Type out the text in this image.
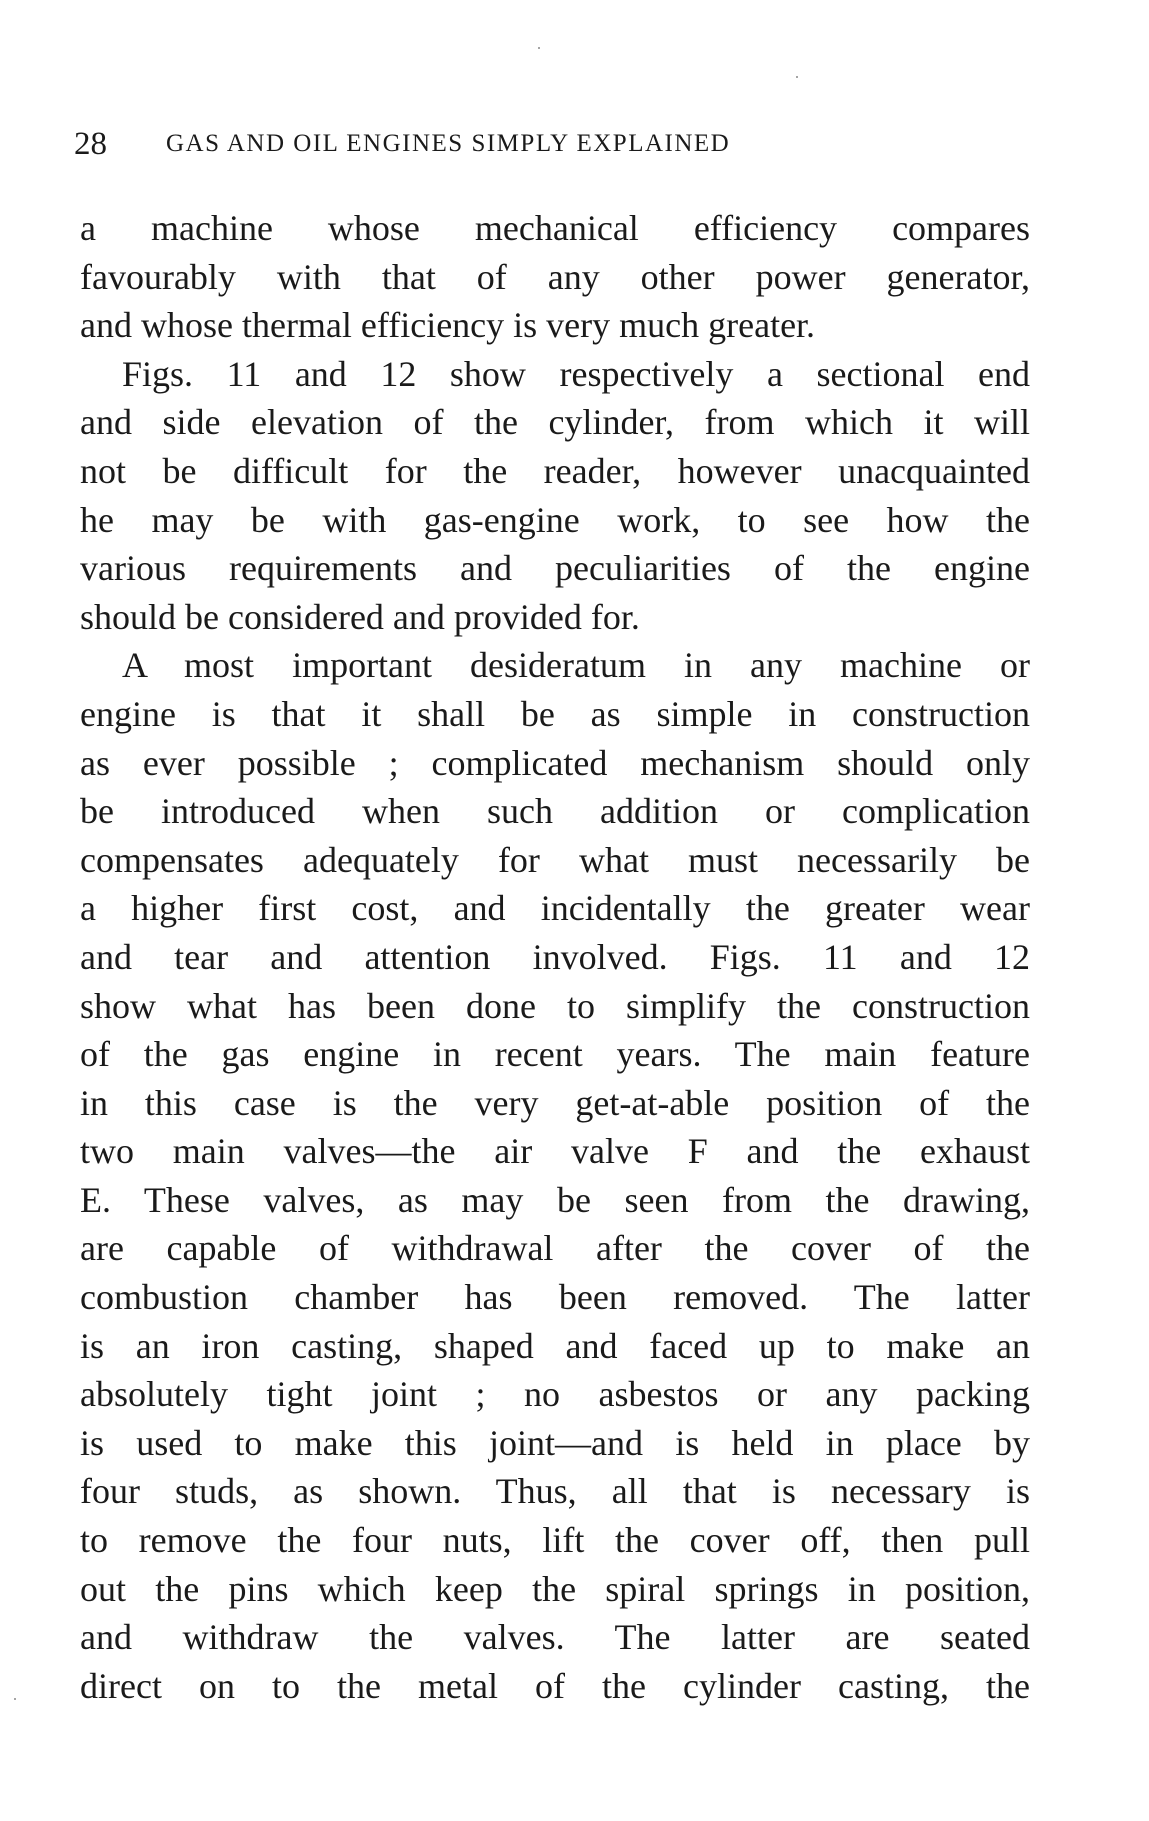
28 GAS AND OIL ENGINES SIMPLY EXPLAINED
a machine whose mechanical efficiency compares
favourably with that of any other power generator,
and whose thermal efficiency is very much greater.
Figs. 11 and 12 show respectively a sectional end
and side elevation of the cylinder, from which it will
not be difficult for the reader, however unacquainted
he may be with gas-engine work, to see how the
various requirements and peculiarities of the engine
should be considered and provided for.
A most important desideratum in any machine or
engine is that it shall be as simple in construction
as ever possible ; complicated mechanism should only
be introduced when such addition or complication
compensates adequately for what must necessarily be
a higher first cost, and incidentally the greater wear
and tear and attention involved. Figs. 11 and 12
show what has been done to simplify the construction
of the gas engine in recent years. The main feature
in this case is the very get-at-able position of the
two main valves—the air valve F and the exhaust
E. These valves, as may be seen from the drawing,
are capable of withdrawal after the cover of the
combustion chamber has been removed. The latter
is an iron casting, shaped and faced up to make an
absolutely tight joint ; no asbestos or any packing
is used to make this joint—and is held in place by
four studs, as shown. Thus, all that is necessary is
to remove the four nuts, lift the cover off, then pull
out the pins which keep the spiral springs in position,
and withdraw the valves. The latter are seated
direct on to the metal of the cylinder casting, the
